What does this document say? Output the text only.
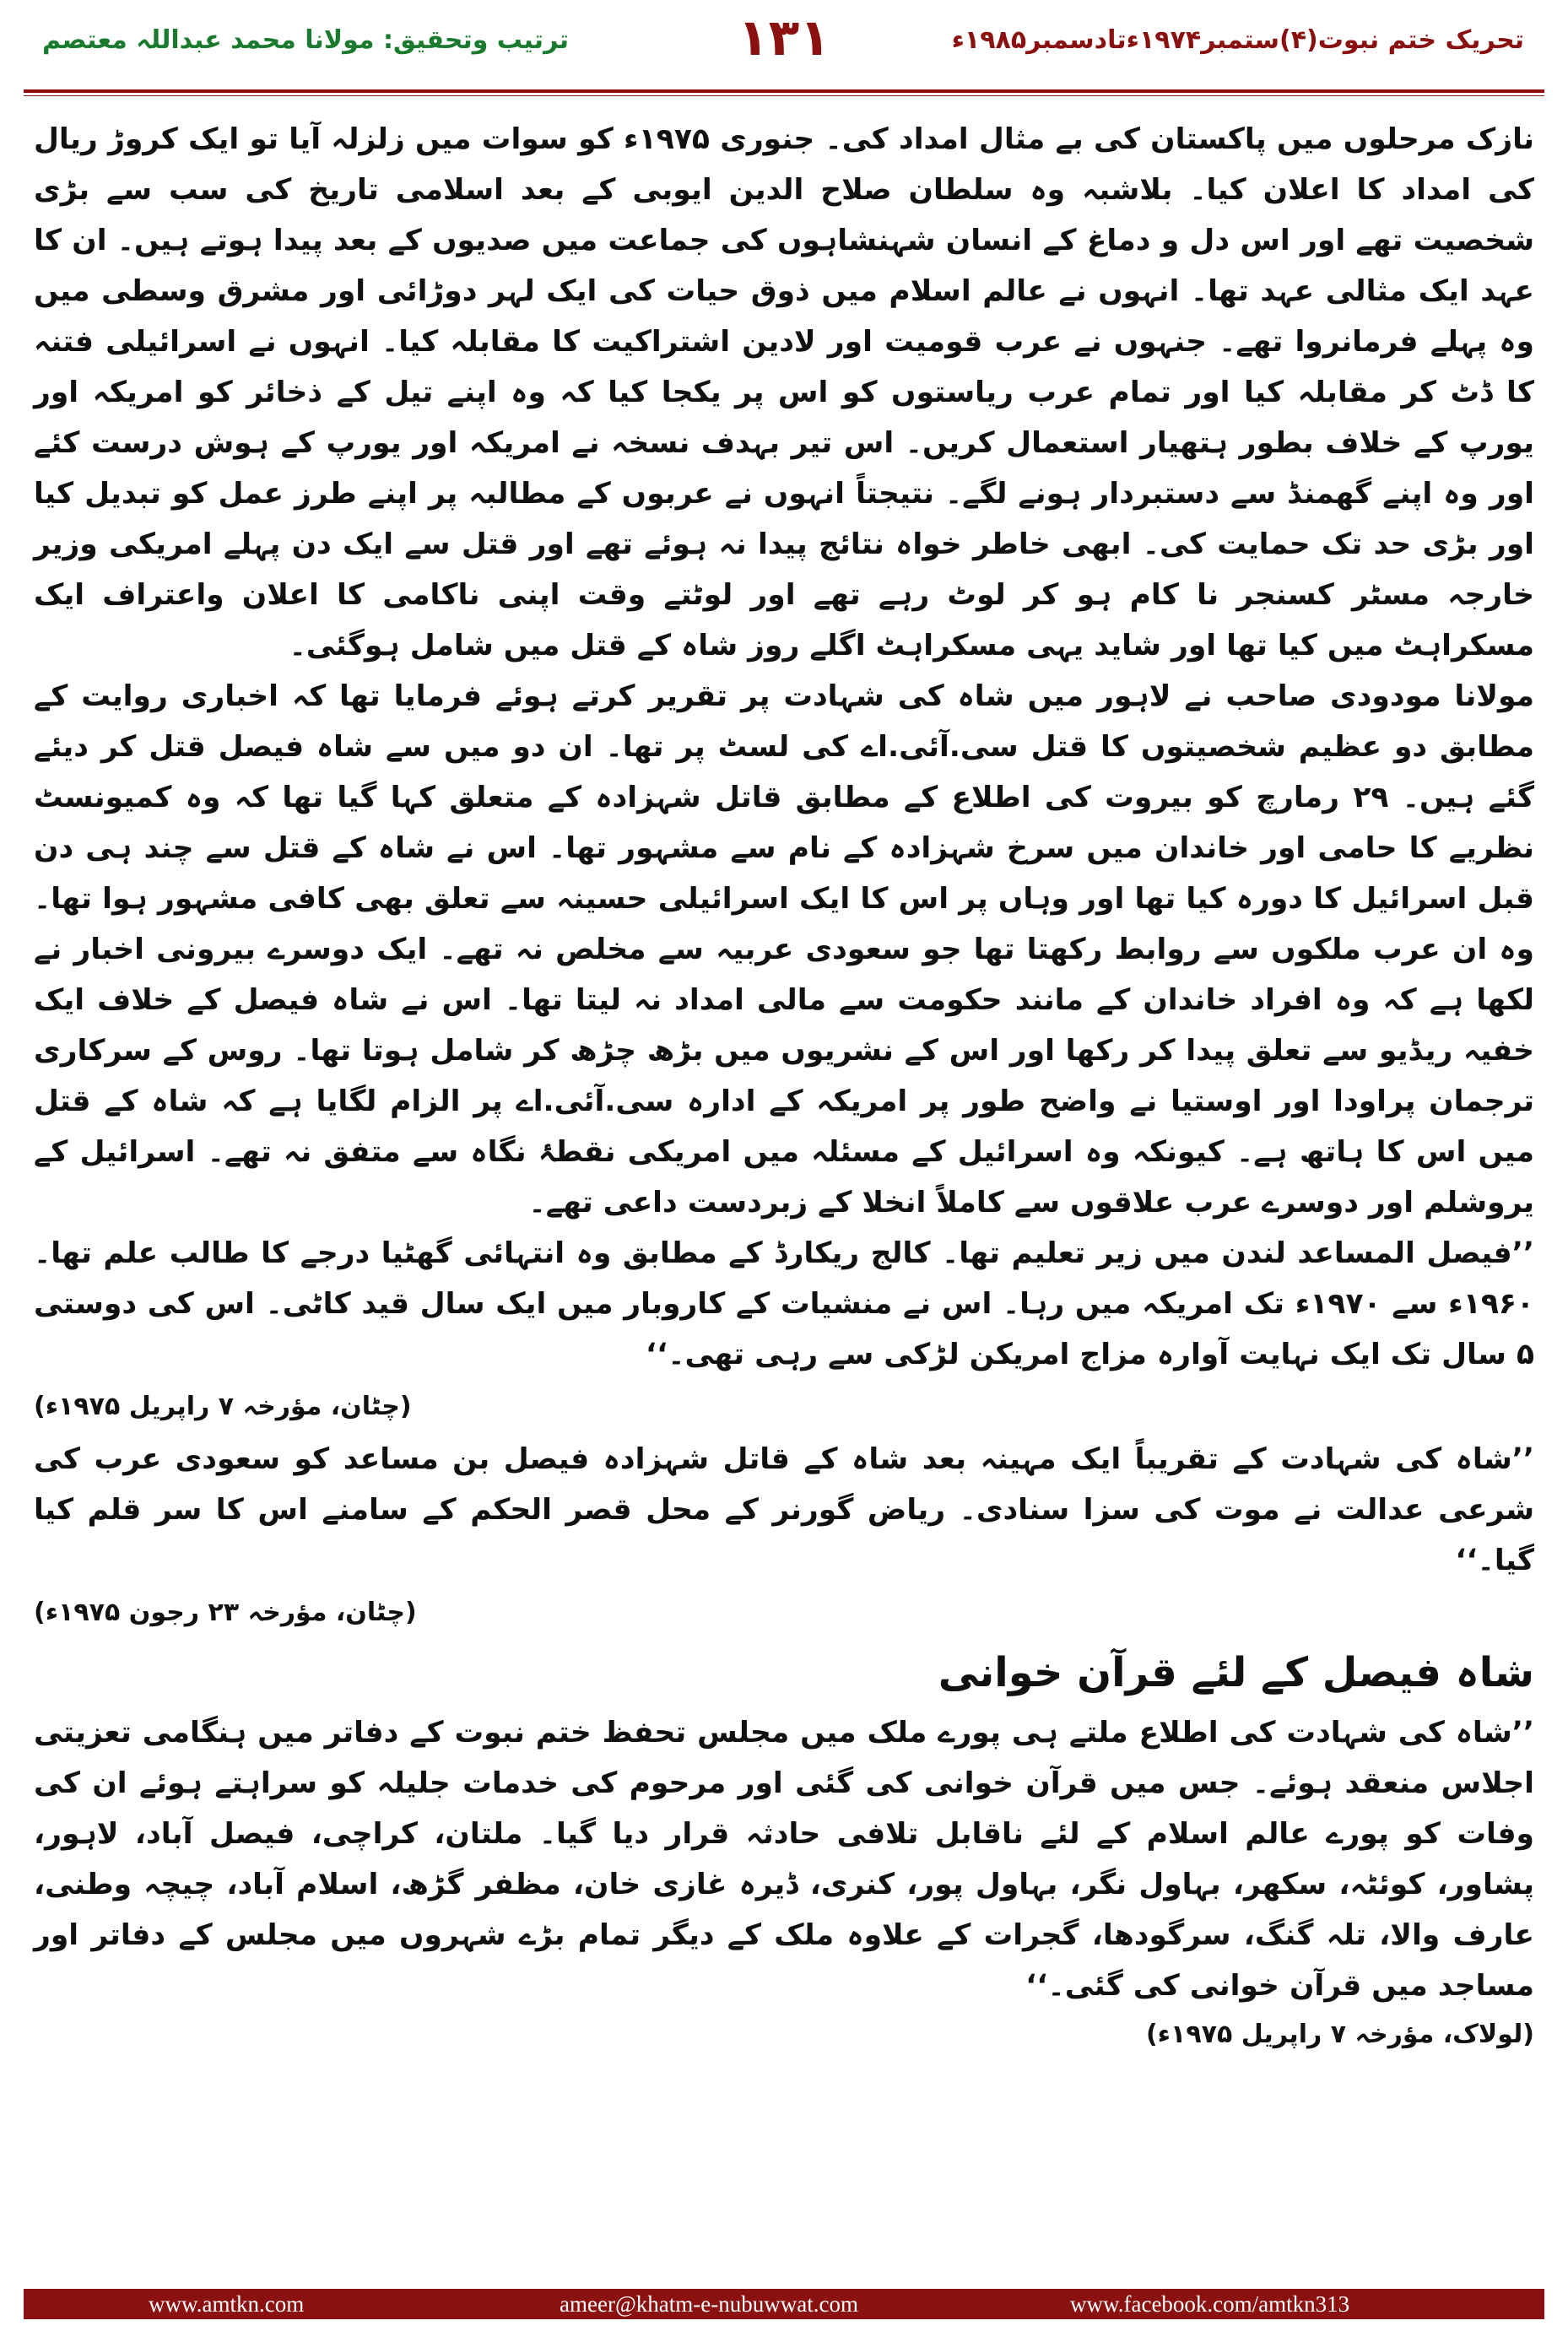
ترتیب وتحقیق: مولانا محمد عبداللہ معتصم	۱۳۱	تحریک ختم نبوت(۴)ستمبر۱۹۷۴ءتادسمبر۱۹۸۵ء

نازک مرحلوں میں پاکستان کی بے مثال امداد کی۔ جنوری ۱۹۷۵ء کو سوات میں زلزلہ آیا تو ایک کروڑ ریال کی امداد کا اعلان کیا۔ بلاشبہ وہ سلطان صلاح الدین ایوبی کے بعد اسلامی تاریخ کی سب سے بڑی شخصیت تھے اور اس دل و دماغ کے انسان شہنشاہوں کی جماعت میں صدیوں کے بعد پیدا ہوتے ہیں۔ ان کا عہد ایک مثالی عہد تھا۔ انہوں نے عالم اسلام میں ذوق حیات کی ایک لہر دوڑائی اور مشرق وسطی میں وہ پہلے فرمانروا تھے۔ جنہوں نے عرب قومیت اور لادین اشتراکیت کا مقابلہ کیا۔ انہوں نے اسرائیلی فتنہ کا ڈٹ کر مقابلہ کیا اور تمام عرب ریاستوں کو اس پر یکجا کیا کہ وہ اپنے تیل کے ذخائر کو امریکہ اور یورپ کے خلاف بطور ہتھیار استعمال کریں۔ اس تیر بہدف نسخہ نے امریکہ اور یورپ کے ہوش درست کئے اور وہ اپنے گھمنڈ سے دستبردار ہونے لگے۔ نتیجتاً انہوں نے عربوں کے مطالبہ پر اپنے طرز عمل کو تبدیل کیا اور بڑی حد تک حمایت کی۔ ابھی خاطر خواہ نتائج پیدا نہ ہوئے تھے اور قتل سے ایک دن پہلے امریکی وزیر خارجہ مسٹر کسنجر نا کام ہو کر لوٹ رہے تھے اور لوٹتے وقت اپنی ناکامی کا اعلان واعتراف ایک مسکراہٹ میں کیا تھا اور شاید یہی مسکراہٹ اگلے روز شاہ کے قتل میں شامل ہوگئی۔

مولانا مودودی صاحب نے لاہور میں شاہ کی شہادت پر تقریر کرتے ہوئے فرمایا تھا کہ اخباری روایت کے مطابق دو عظیم شخصیتوں کا قتل سی.آئی.اے کی لسٹ پر تھا۔ ان دو میں سے شاہ فیصل قتل کر دیئے گئے ہیں۔ ۲۹ رمارچ کو بیروت کی اطلاع کے مطابق قاتل شہزادہ کے متعلق کہا گیا تھا کہ وہ کمیونسٹ نظریے کا حامی اور خاندان میں سرخ شہزادہ کے نام سے مشہور تھا۔ اس نے شاہ کے قتل سے چند ہی دن قبل اسرائیل کا دورہ کیا تھا اور وہاں پر اس کا ایک اسرائیلی حسینہ سے تعلق بھی کافی مشہور ہوا تھا۔ وہ ان عرب ملکوں سے روابط رکھتا تھا جو سعودی عربیہ سے مخلص نہ تھے۔ ایک دوسرے بیرونی اخبار نے لکھا ہے کہ وہ افراد خاندان کے مانند حکومت سے مالی امداد نہ لیتا تھا۔ اس نے شاہ فیصل کے خلاف ایک خفیہ ریڈیو سے تعلق پیدا کر رکھا اور اس کے نشریوں میں بڑھ چڑھ کر شامل ہوتا تھا۔ روس کے سرکاری ترجمان پراودا اور اوستیا نے واضح طور پر امریکہ کے ادارہ سی.آئی.اے پر الزام لگایا ہے کہ شاہ کے قتل میں اس کا ہاتھ ہے۔ کیونکہ وہ اسرائیل کے مسئلہ میں امریکی نقطۂ نگاہ سے متفق نہ تھے۔ اسرائیل کے یروشلم اور دوسرے عرب علاقوں سے کاملاً انخلا کے زبردست داعی تھے۔

’’فیصل المساعد لندن میں زیر تعلیم تھا۔ کالج ریکارڈ کے مطابق وہ انتہائی گھٹیا درجے کا طالب علم تھا۔ ۱۹۶۰ء سے ۱۹۷۰ء تک امریکہ میں رہا۔ اس نے منشیات کے کاروبار میں ایک سال قید کاٹی۔ اس کی دوستی ۵ سال تک ایک نہایت آوارہ مزاج امریکن لڑکی سے رہی تھی۔‘‘

(چٹان، مؤرخہ ۷ راپریل ۱۹۷۵ء)

’’شاہ کی شہادت کے تقریباً ایک مہینہ بعد شاہ کے قاتل شہزادہ فیصل بن مساعد کو سعودی عرب کی شرعی عدالت نے موت کی سزا سنادی۔ ریاض گورنر کے محل قصر الحکم کے سامنے اس کا سر قلم کیا گیا۔‘‘

(چٹان، مؤرخہ ۲۳ رجون ۱۹۷۵ء)

شاہ فیصل کے لئے قرآن خوانی

’’شاہ کی شہادت کی اطلاع ملتے ہی پورے ملک میں مجلس تحفظ ختم نبوت کے دفاتر میں ہنگامی تعزیتی اجلاس منعقد ہوئے۔ جس میں قرآن خوانی کی گئی اور مرحوم کی خدمات جلیلہ کو سراہتے ہوئے ان کی وفات کو پورے عالم اسلام کے لئے ناقابل تلافی حادثہ قرار دیا گیا۔ ملتان، کراچی، فیصل آباد، لاہور، پشاور، کوئٹہ، سکھر، بہاول نگر، بہاول پور، کنری، ڈیرہ غازی خان، مظفر گڑھ، اسلام آباد، چیچہ وطنی، عارف والا، تلہ گنگ، سرگودھا، گجرات کے علاوہ ملک کے دیگر تمام بڑے شہروں میں مجلس کے دفاتر اور مساجد میں قرآن خوانی کی گئی۔‘‘

(لولاک، مؤرخہ ۷ راپریل ۱۹۷۵ء)

www.amtkn.com	ameer@khatm-e-nubuwwat.com	www.facebook.com/amtkn313
